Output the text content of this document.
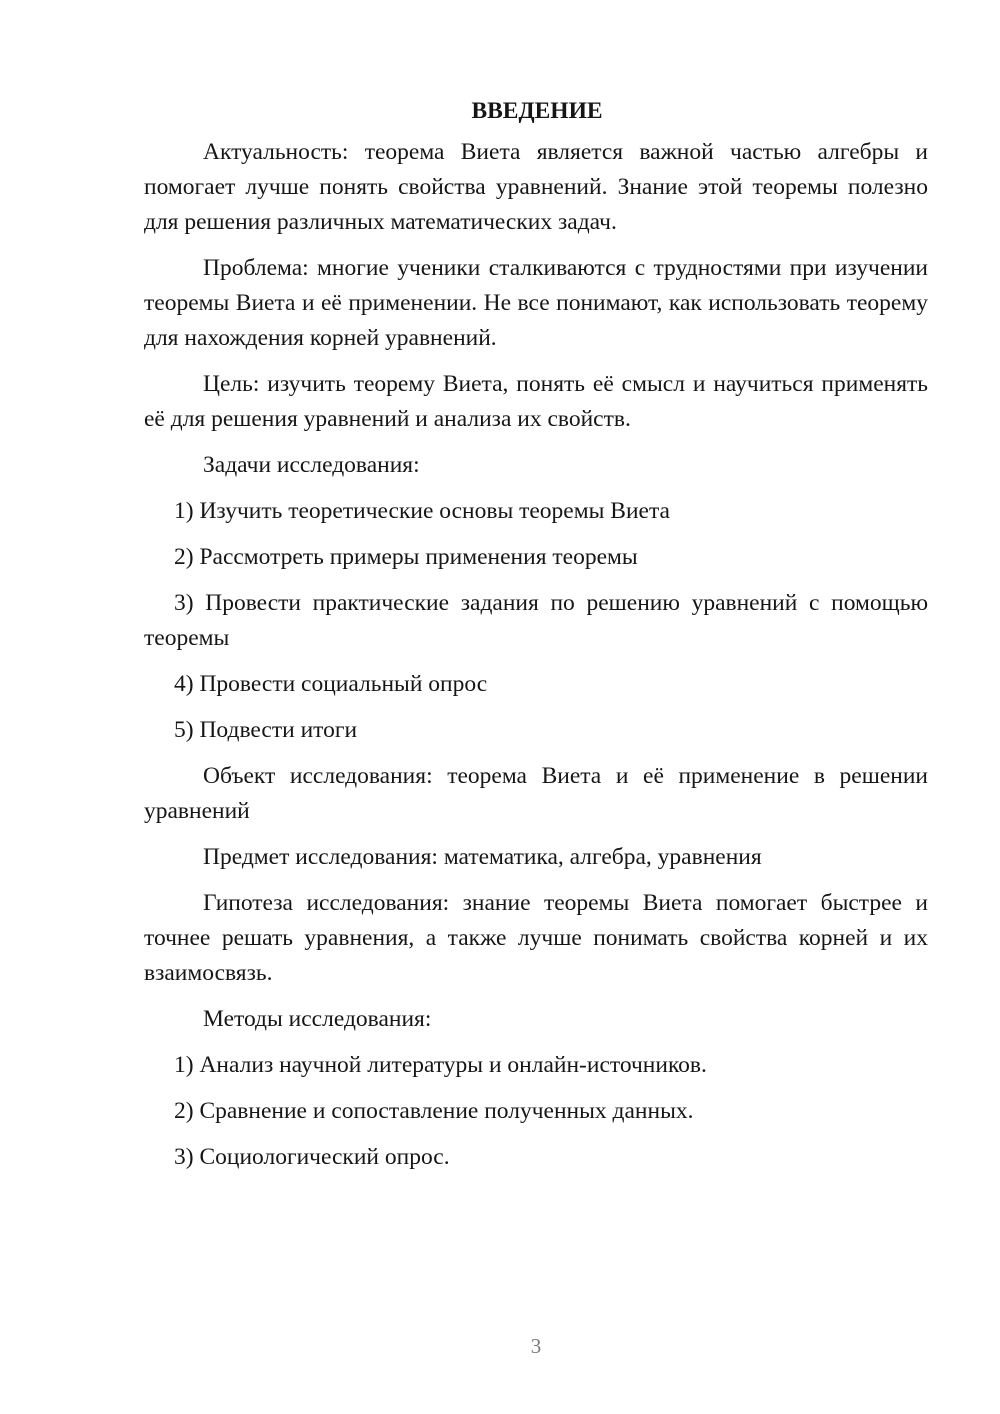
ВВЕДЕНИЕ

Актуальность: теорема Виета является важной частью алгебры и помогает лучше понять свойства уравнений. Знание этой теоремы полезно для решения различных математических задач.

Проблема: многие ученики сталкиваются с трудностями при изучении теоремы Виета и её применении. Не все понимают, как использовать теорему для нахождения корней уравнений.

Цель: изучить теорему Виета, понять её смысл и научиться применять её для решения уравнений и анализа их свойств.

Задачи исследования:

1) Изучить теоретические основы теоремы Виета

2) Рассмотреть примеры применения теоремы

3) Провести практические задания по решению уравнений с помощью теоремы

4) Провести социальный опрос

5) Подвести итоги

Объект исследования: теорема Виета и её применение в решении уравнений

Предмет исследования: математика, алгебра, уравнения

Гипотеза исследования: знание теоремы Виета помогает быстрее и точнее решать уравнения, а также лучше понимать свойства корней и их взаимосвязь.

Методы исследования:

1) Анализ научной литературы и онлайн-источников.

2) Сравнение и сопоставление полученных данных.

3) Социологический опрос.

3
